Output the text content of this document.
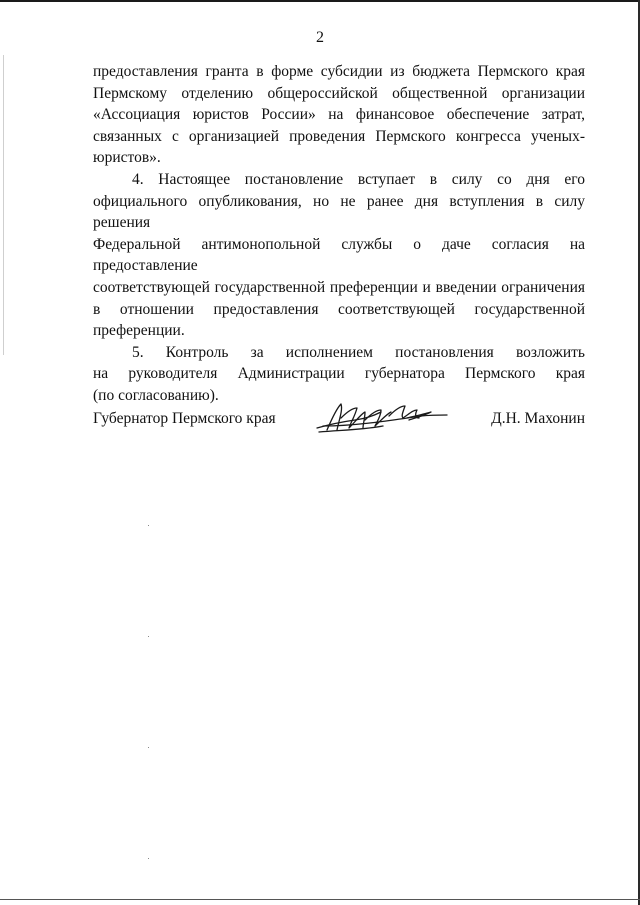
2

предоставления гранта в форме субсидии из бюджета Пермского края
Пермскому отделению общероссийской общественной организации
«Ассоциация юристов России» на финансовое обеспечение затрат,
связанных с организацией проведения Пермского конгресса ученых-
юристов».

4. Настоящее постановление вступает в силу со дня его
официального опубликования, но не ранее дня вступления в силу решения
Федеральной антимонопольной службы о даче согласия на предоставление
соответствующей государственной преференции и введении ограничения
в отношении предоставления соответствующей государственной
преференции.

5. Контроль за исполнением постановления возложить
на руководителя Администрации губернатора Пермского края
(по согласованию).

Губернатор Пермского края	Д.Н. Махонин
